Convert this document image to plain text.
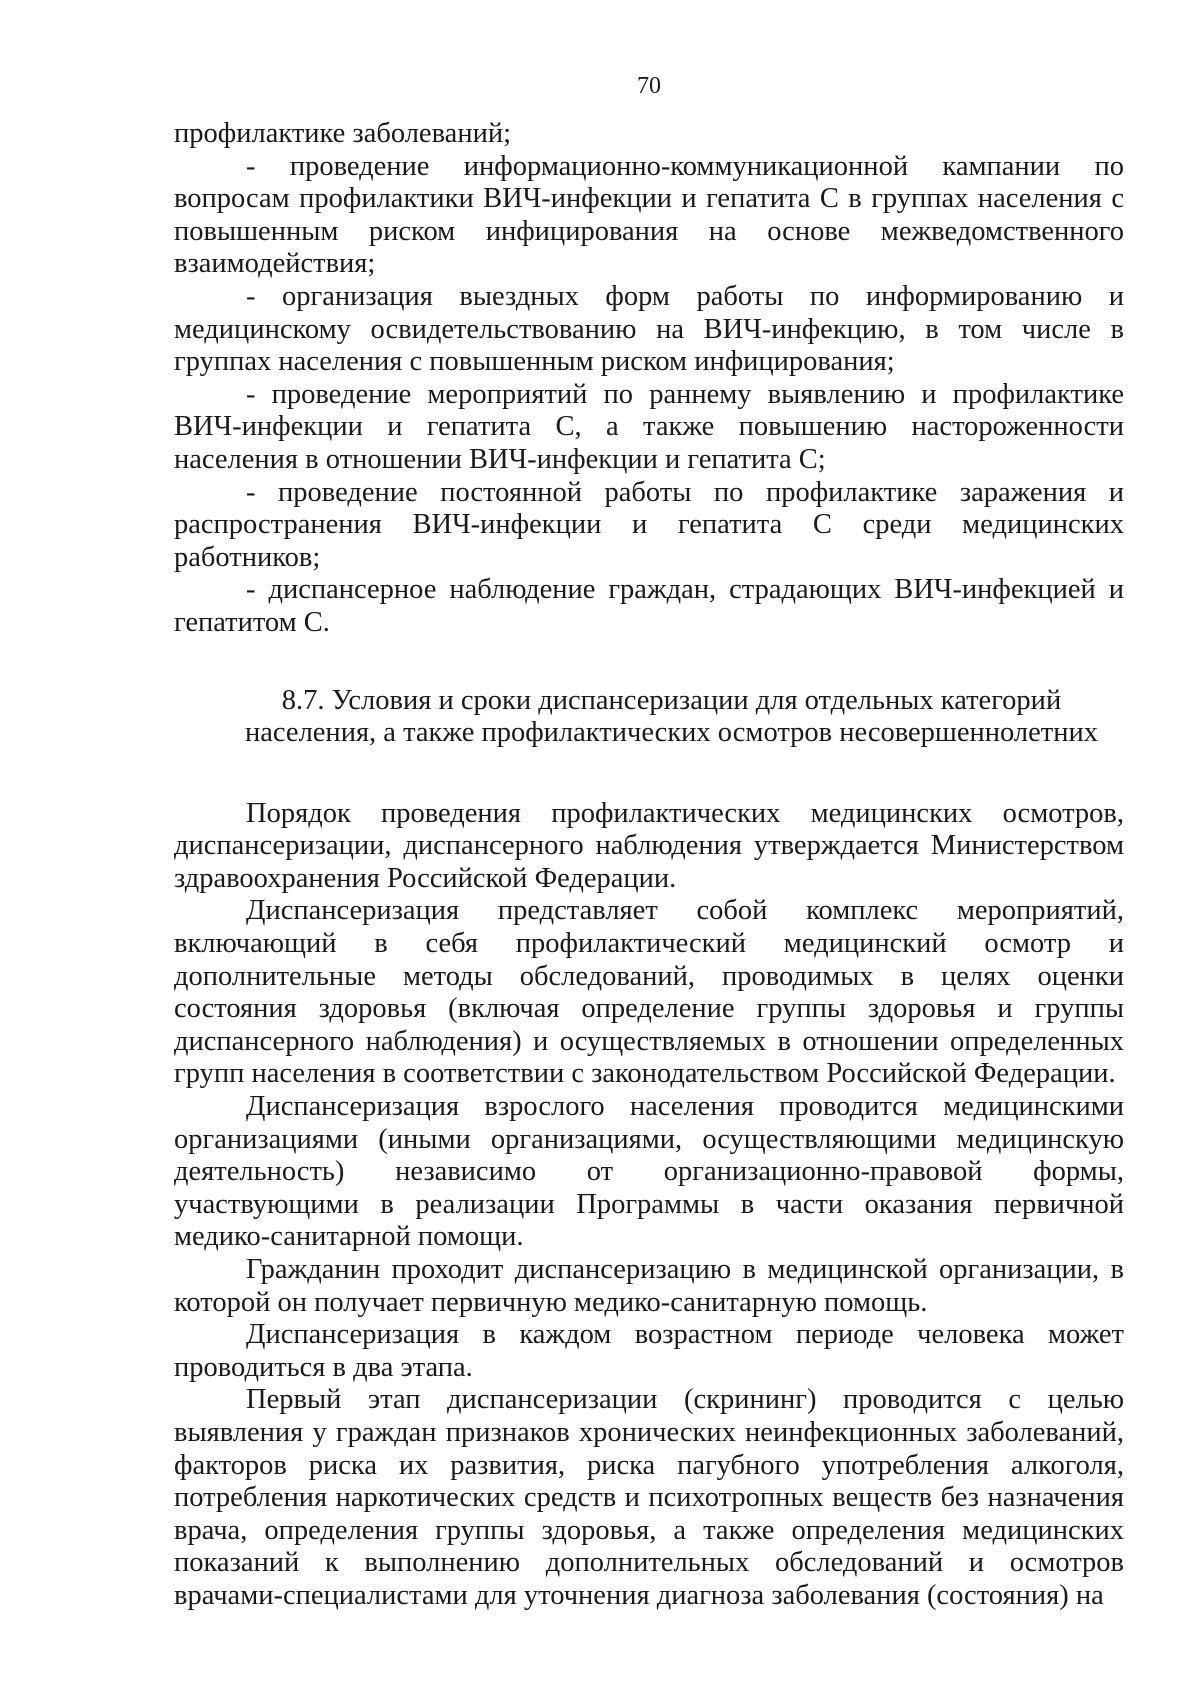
70

профилактике заболеваний;

- проведение информационно-коммуникационной кампании по вопросам профилактики ВИЧ-инфекции и гепатита С в группах населения с повышенным риском инфицирования на основе межведомственного взаимодействия;

- организация выездных форм работы по информированию и медицинскому освидетельствованию на ВИЧ-инфекцию, в том числе в группах населения с повышенным риском инфицирования;

- проведение мероприятий по раннему выявлению и профилактике ВИЧ-инфекции и гепатита С, а также повышению настороженности населения в отношении ВИЧ-инфекции и гепатита С;

- проведение постоянной работы по профилактике заражения и распространения ВИЧ-инфекции и гепатита С среди медицинских работников;

- диспансерное наблюдение граждан, страдающих ВИЧ-инфекцией и гепатитом С.

8.7. Условия и сроки диспансеризации для отдельных категорий
населения, а также профилактических осмотров несовершеннолетних

Порядок проведения профилактических медицинских осмотров, диспансеризации, диспансерного наблюдения утверждается Министерством здравоохранения Российской Федерации.

Диспансеризация представляет собой комплекс мероприятий, включающий в себя профилактический медицинский осмотр и дополнительные методы обследований, проводимых в целях оценки состояния здоровья (включая определение группы здоровья и группы диспансерного наблюдения) и осуществляемых в отношении определенных групп населения в соответствии с законодательством Российской Федерации.

Диспансеризация взрослого населения проводится медицинскими организациями (иными организациями, осуществляющими медицинскую деятельность) независимо от организационно-правовой формы, участвующими в реализации Программы в части оказания первичной медико-санитарной помощи.

Гражданин проходит диспансеризацию в медицинской организации, в которой он получает первичную медико-санитарную помощь.

Диспансеризация в каждом возрастном периоде человека может проводиться в два этапа.

Первый этап диспансеризации (скрининг) проводится с целью выявления у граждан признаков хронических неинфекционных заболеваний, факторов риска их развития, риска пагубного употребления алкоголя, потребления наркотических средств и психотропных веществ без назначения врача, определения группы здоровья, а также определения медицинских показаний к выполнению дополнительных обследований и осмотров врачами-специалистами для уточнения диагноза заболевания (состояния) на
